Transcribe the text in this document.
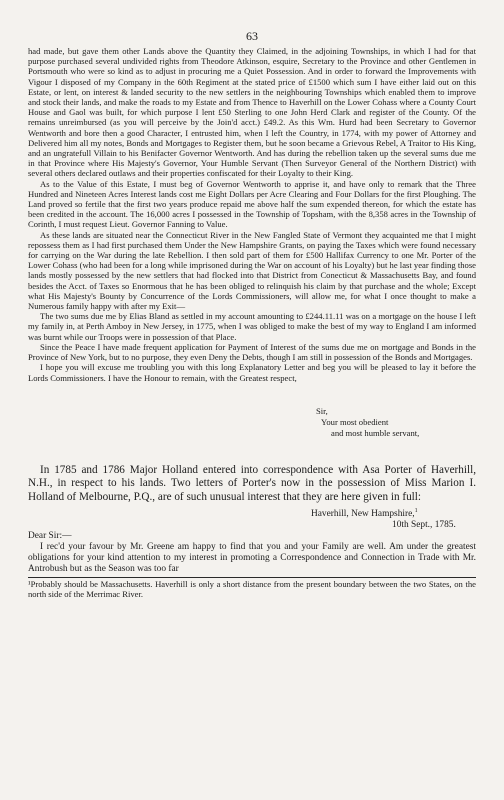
63

had made, but gave them other Lands above the Quantity they Claimed, in the adjoining Townships, in which I had for that purpose purchased several undivided rights from Theodore Atkinson, esquire, Secretary to the Province and other Gentlemen in Portsmouth who were so kind as to adjust in procuring me a Quiet Possession. And in order to forward the Improvements with Vigour I disposed of my Company in the 60th Regiment at the stated price of £1500 which sum I have either laid out on this Estate, or lent, on interest & landed security to the new settlers in the neighbouring Townships which enabled them to improve and stock their lands, and make the roads to my Estate and from Thence to Haverhill on the Lower Cohass where a County Court House and Gaol was built, for which purpose I lent £50 Sterling to one John Herd Clark and register of the County. Of the remains unreimbursed (as you will perceive by the Join'd acct.) £49.2. As this Wm. Hurd had been Secretary to Governor Wentworth and bore then a good Character, I entrusted him, when I left the Country, in 1774, with my power of Attorney and Delivered him all my notes, Bonds and Mortgages to Register them, but he soon became a Grievous Rebel, A Traitor to His King, and an ungratefull Villain to his Benifacter Governor Wentworth. And has during the rebellion taken up the several sums due me in that Province where His Majesty's Governor, Your Humble Servant (Then Surveyor General of the Northern District) with several others declared outlaws and their properties confiscated for their Loyalty to their King.

As to the Value of this Estate, I must beg of Governor Wentworth to apprise it, and have only to remark that the Three Hundred and Nineteen Acres Interest lands cost me Eight Dollars per Acre Clearing and Four Dollars for the first Ploughing. The Land proved so fertile that the first two years produce repaid me above half the sum expended thereon, for which the estate has been credited in the account. The 16,000 acres I possessed in the Township of Topsham, with the 8,358 acres in the Township of Corinth, I must request Lieut. Governor Fanning to Value.

As these lands are situated near the Connecticut River in the New Fangled State of Vermont they acquainted me that I might repossess them as I had first purchased them Under the New Hampshire Grants, on paying the Taxes which were found necessary for carrying on the War during the late Rebellion. I then sold part of them for £500 Hallifax Currency to one Mr. Porter of the Lower Cohass (who had been for a long while imprisoned during the War on account of his Loyalty) but he last year finding those lands mostly possessed by the new settlers that had flocked into that District from Conecticut & Massachusetts Bay, and found besides the Acct. of Taxes so Enormous that he has been obliged to relinquish his claim by that purchase and the whole; Except what His Majesty's Bounty by Concurrence of the Lords Commissioners, will allow me, for what I once thought to make a Numerous family happy with after my Exit—

The two sums due me by Elias Bland as settled in my account amounting to £244.11.11 was on a mortgage on the house I left my family in, at Perth Amboy in New Jersey, in 1775, when I was obliged to make the best of my way to England I am informed was burnt while our Troops were in possession of that Place.

Since the Peace I have made frequent application for Payment of Interest of the sums due me on mortgage and Bonds in the Province of New York, but to no purpose, they even Deny the Debts, though I am still in possession of the Bonds and Mortgages.

I hope you will excuse me troubling you with this long Explanatory Letter and beg you will be pleased to lay it before the Lords Commissioners. I have the Honour to remain, with the Greatest respect,

Sir,
Your most obedient
and most humble servant,

In 1785 and 1786 Major Holland entered into correspondence with Asa Porter of Haverhill, N.H., in respect to his lands. Two letters of Porter's now in the possession of Miss Marion I. Holland of Melbourne, P.Q., are of such unusual interest that they are here given in full:

Haverhill, New Hampshire,$^1$
10th Sept., 1785.
Dear Sir:—

I rec'd your favour by Mr. Greene am happy to find that you and your Family are well. Am under the greatest obligations for your kind attention to my interest in promoting a Correspondence and Connection in Trade with Mr. Antrobush but as the Season was too far

¹Probably should be Massachusetts. Haverhill is only a short distance from the present boundary between the two States, on the north side of the Merrimac River.
